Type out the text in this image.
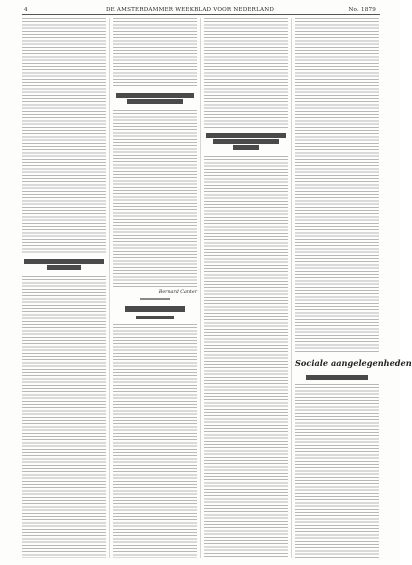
4	DE AMSTERDAMMER WEEKBLAD VOOR NEDERLAND	No. 1879
Bernard Canter
Sociale aangelegenheden
